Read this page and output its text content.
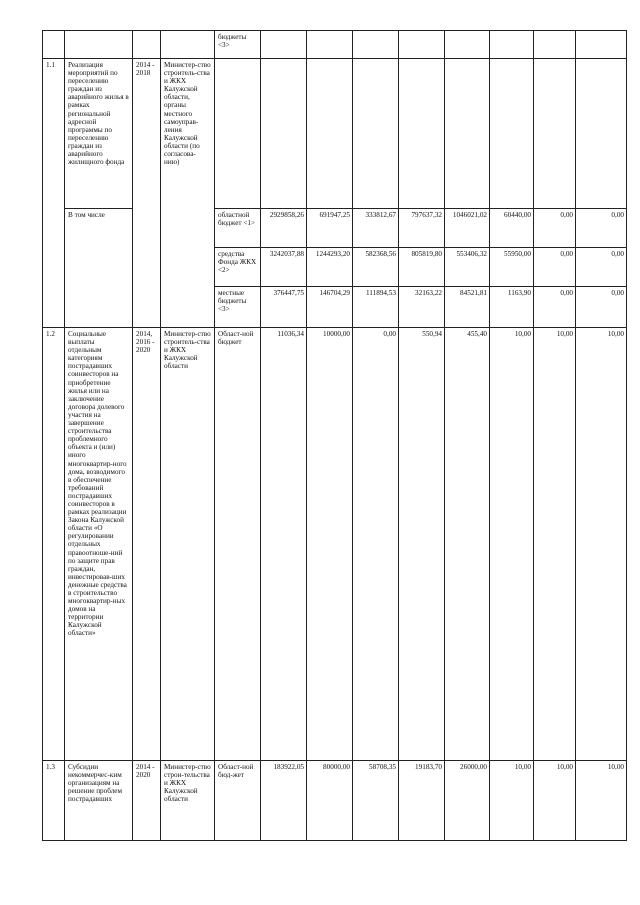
				бюджеты <3>								
1.1	Реализация мероприятий по переселению граждан из аварийного жилья в рамках региональной адресной программы по переселению граждан из аварийного жилищного фонда	2014 - 2018	Министер-ство строитель-ства и ЖКХ Калужской области, органы местного самоуправ-ления Калужской области (по согласова-нию)									
	В том числе			областной бюджет <1>	2929858,26	691947,25	333812,67	797637,32	1046021,02	60440,00	0,00	0,00
				средства Фонда ЖКХ <2>	3242037,88	1244293,20	582368,56	805819,80	553406,32	55950,00	0,00	0,00
				местные бюджеты <3>	376447,75	146704,29	111894,53	32163,22	84521,81	1163,90	0,00	0,00
1.2	Социальные выплаты отдельным категориям пострадавших соинвесторов на приобретение жилья или на заключение договора долевого участия на завершение строительства проблемного объекта и (или) иного многоквартир-ного дома, возводимого в обеспечение требований пострадавших соинвесторов в рамках реализации Закона Калужской области «О регулировании отдельных правоотноше-ний по защите прав граждан, инвестировав-ших денежные средства в строительство многоквартир-ных домов на территории Калужской области»	2014, 2016 - 2020	Министер-ство строитель-ства и ЖКХ Калужской области	Област-ной бюджет	11036,34	10000,00	0,00	550,94	455,40	10,00	10,00	10,00
1.3	Субсидии некоммерчес-ким организациям на решение проблем пострадавших	2014 - 2020	Министер-ство строи-тельства и ЖКХ Калужской области	Облаcт-ной бюд-жет	183922,05	80000,00	58708,35	19183,70	26000,00	10,00	10,00	10,00
